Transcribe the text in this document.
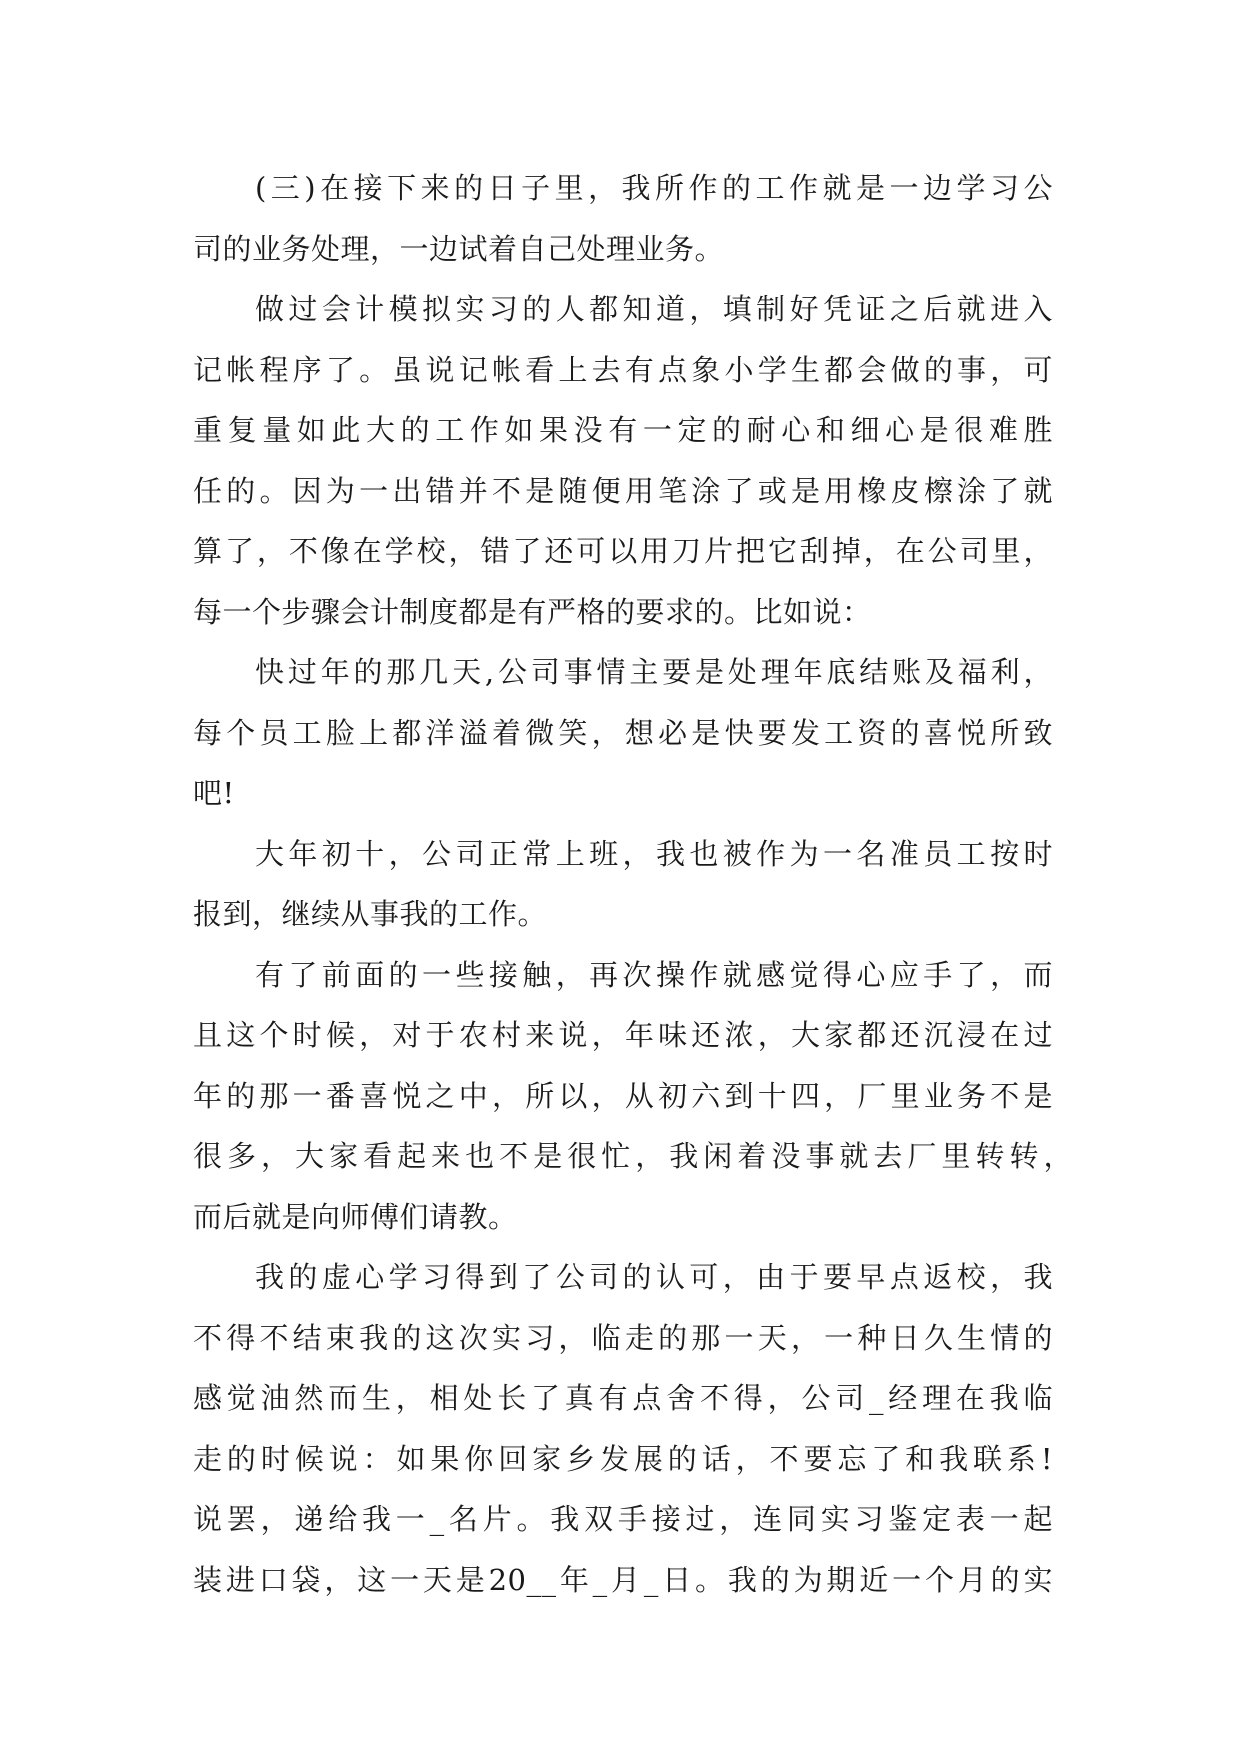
(三)在接下来的日子里，我所作的工作就是一边学习公
司的业务处理，一边试着自己处理业务。
做过会计模拟实习的人都知道，填制好凭证之后就进入
记帐程序了。虽说记帐看上去有点象小学生都会做的事，可
重复量如此大的工作如果没有一定的耐心和细心是很难胜
任的。因为一出错并不是随便用笔涂了或是用橡皮檫涂了就
算了，不像在学校，错了还可以用刀片把它刮掉，在公司里，
每一个步骤会计制度都是有严格的要求的。比如说：
快过年的那几天,公司事情主要是处理年底结账及福利，
每个员工脸上都洋溢着微笑，想必是快要发工资的喜悦所致
吧!
大年初十，公司正常上班，我也被作为一名准员工按时
报到，继续从事我的工作。
有了前面的一些接触，再次操作就感觉得心应手了，而
且这个时候，对于农村来说，年味还浓，大家都还沉浸在过
年的那一番喜悦之中，所以，从初六到十四，厂里业务不是
很多，大家看起来也不是很忙，我闲着没事就去厂里转转，
而后就是向师傅们请教。
我的虚心学习得到了公司的认可，由于要早点返校，我
不得不结束我的这次实习，临走的那一天，一种日久生情的
感觉油然而生，相处长了真有点舍不得，公司_经理在我临
走的时候说：如果你回家乡发展的话，不要忘了和我联系!
说罢，递给我一_名片。我双手接过，连同实习鉴定表一起
装进口袋，这一天是20__年_月_日。我的为期近一个月的实
